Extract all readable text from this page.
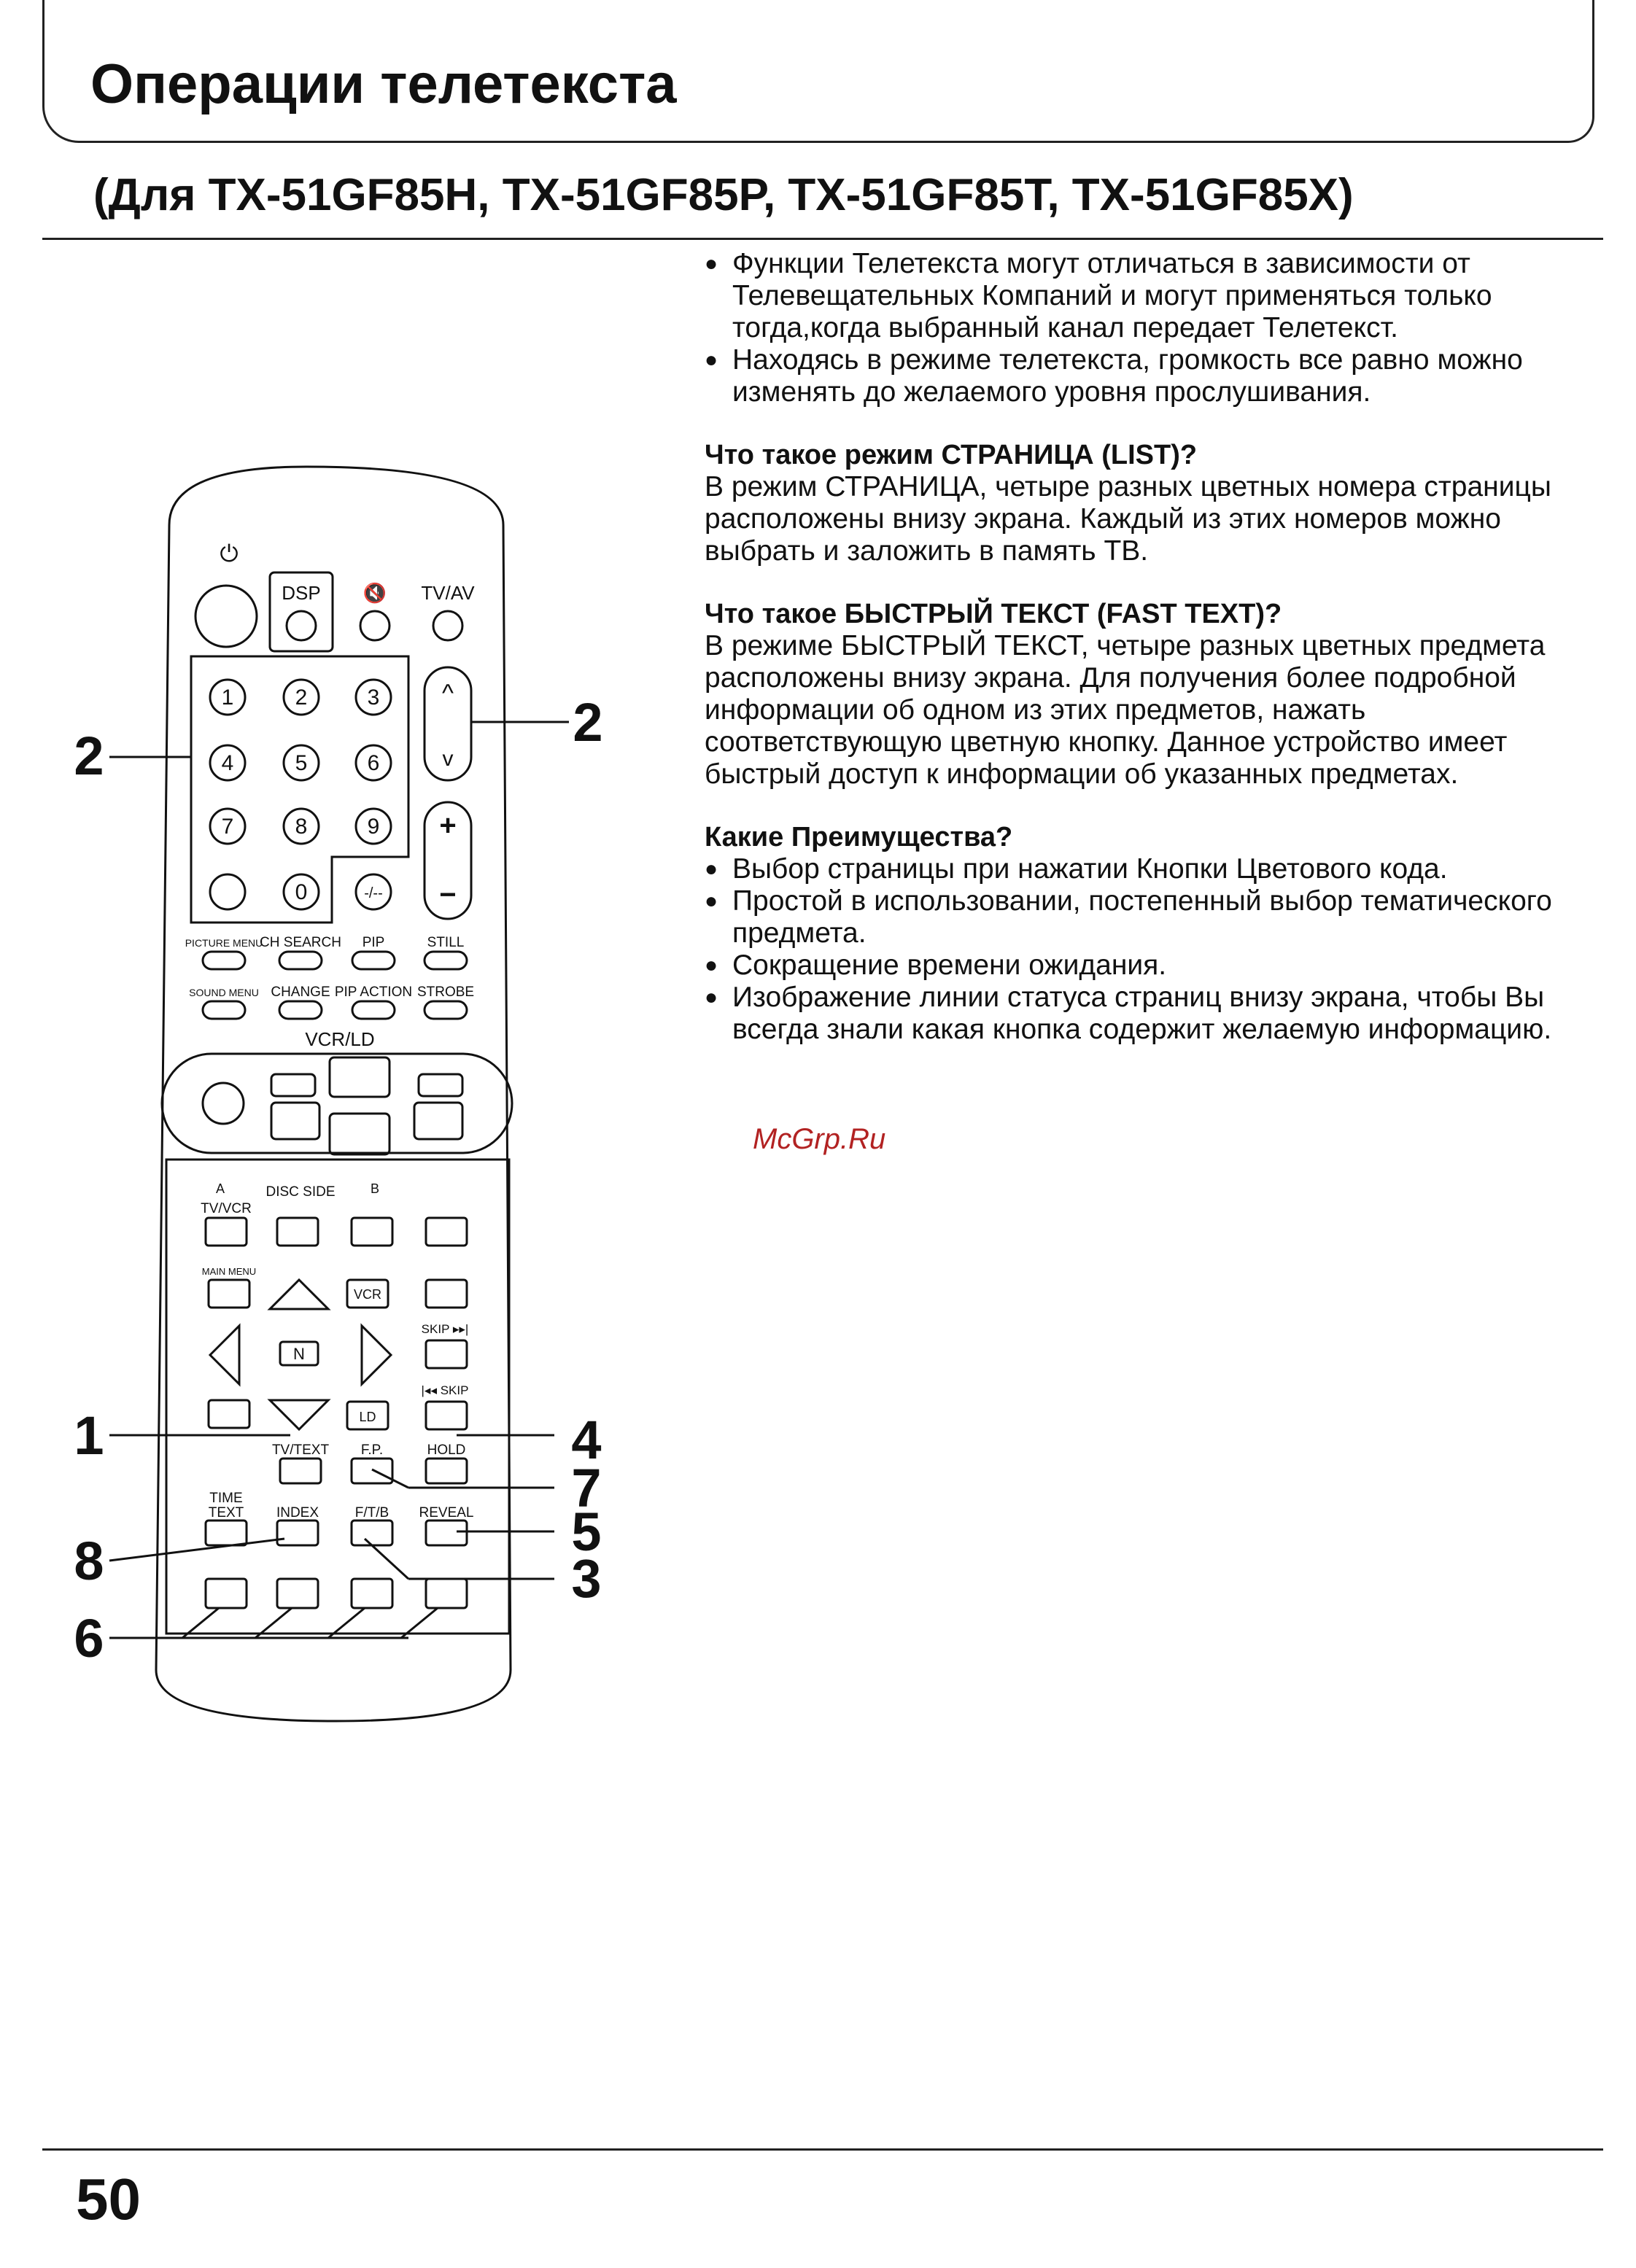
Операции телетекста
(Для TX-51GF85H, TX-51GF85P, TX-51GF85T, TX-51GF85X)
● Функции Телетекста могут отличаться в зависимости от Телевещательных Компаний и могут применяться только тогда,когда выбранный канал передает Телетекст.
● Находясь в режиме телетекста, громкость все равно можно изменять до желаемого уровня прослушивания.
Что такое режим СТРАНИЦА (LIST)?

В режим СТРАНИЦА, четыре разных цветных номера страницы расположены внизу экрана. Каждый из этих номеров можно выбрать и заложить в память ТВ.

Что такое БЫСТРЫЙ ТЕКСТ (FAST TEXT)?

В режиме БЫСТРЫЙ ТЕКСТ, четыре разных цветных предмета расположены внизу экрана. Для получения более подробной информации об одном из этих предметов, нажать соответствующую цветную кнопку. Данное устройство имеет быстрый доступ к информации об указанных предметах.

Какие Преимущества?
● Выбор страницы при нажатии Кнопки Цветового кода.
● Простой в использовании, постепенный выбор тематического предмета.
● Сокращение времени ожидания.
● Изображение линии статуса страниц внизу экрана, чтобы Вы всегда знали какая кнопка содержит желаемую информацию.
McGrp.Ru
⏻
DSP 🔇 TV/AV
1	2	3
4	5	6
7	8	9
0	-/--
^
v
+
−
PICTURE MENU
CH SEARCH PIP	STILL
SOUND MENU CHANGE PIP ACTION STROBE
VCR/LD
A	DISC SIDE	B
TV/VCR
MAIN MENU
VCR
N
LD
SKIP ▸▸|
|◂◂ SKIP
TV/TEXT F.P.	HOLD
TIME
TEXT INDEX	F/T/B REVEAL
2
2
1	4
7
5
8	3
6
50
